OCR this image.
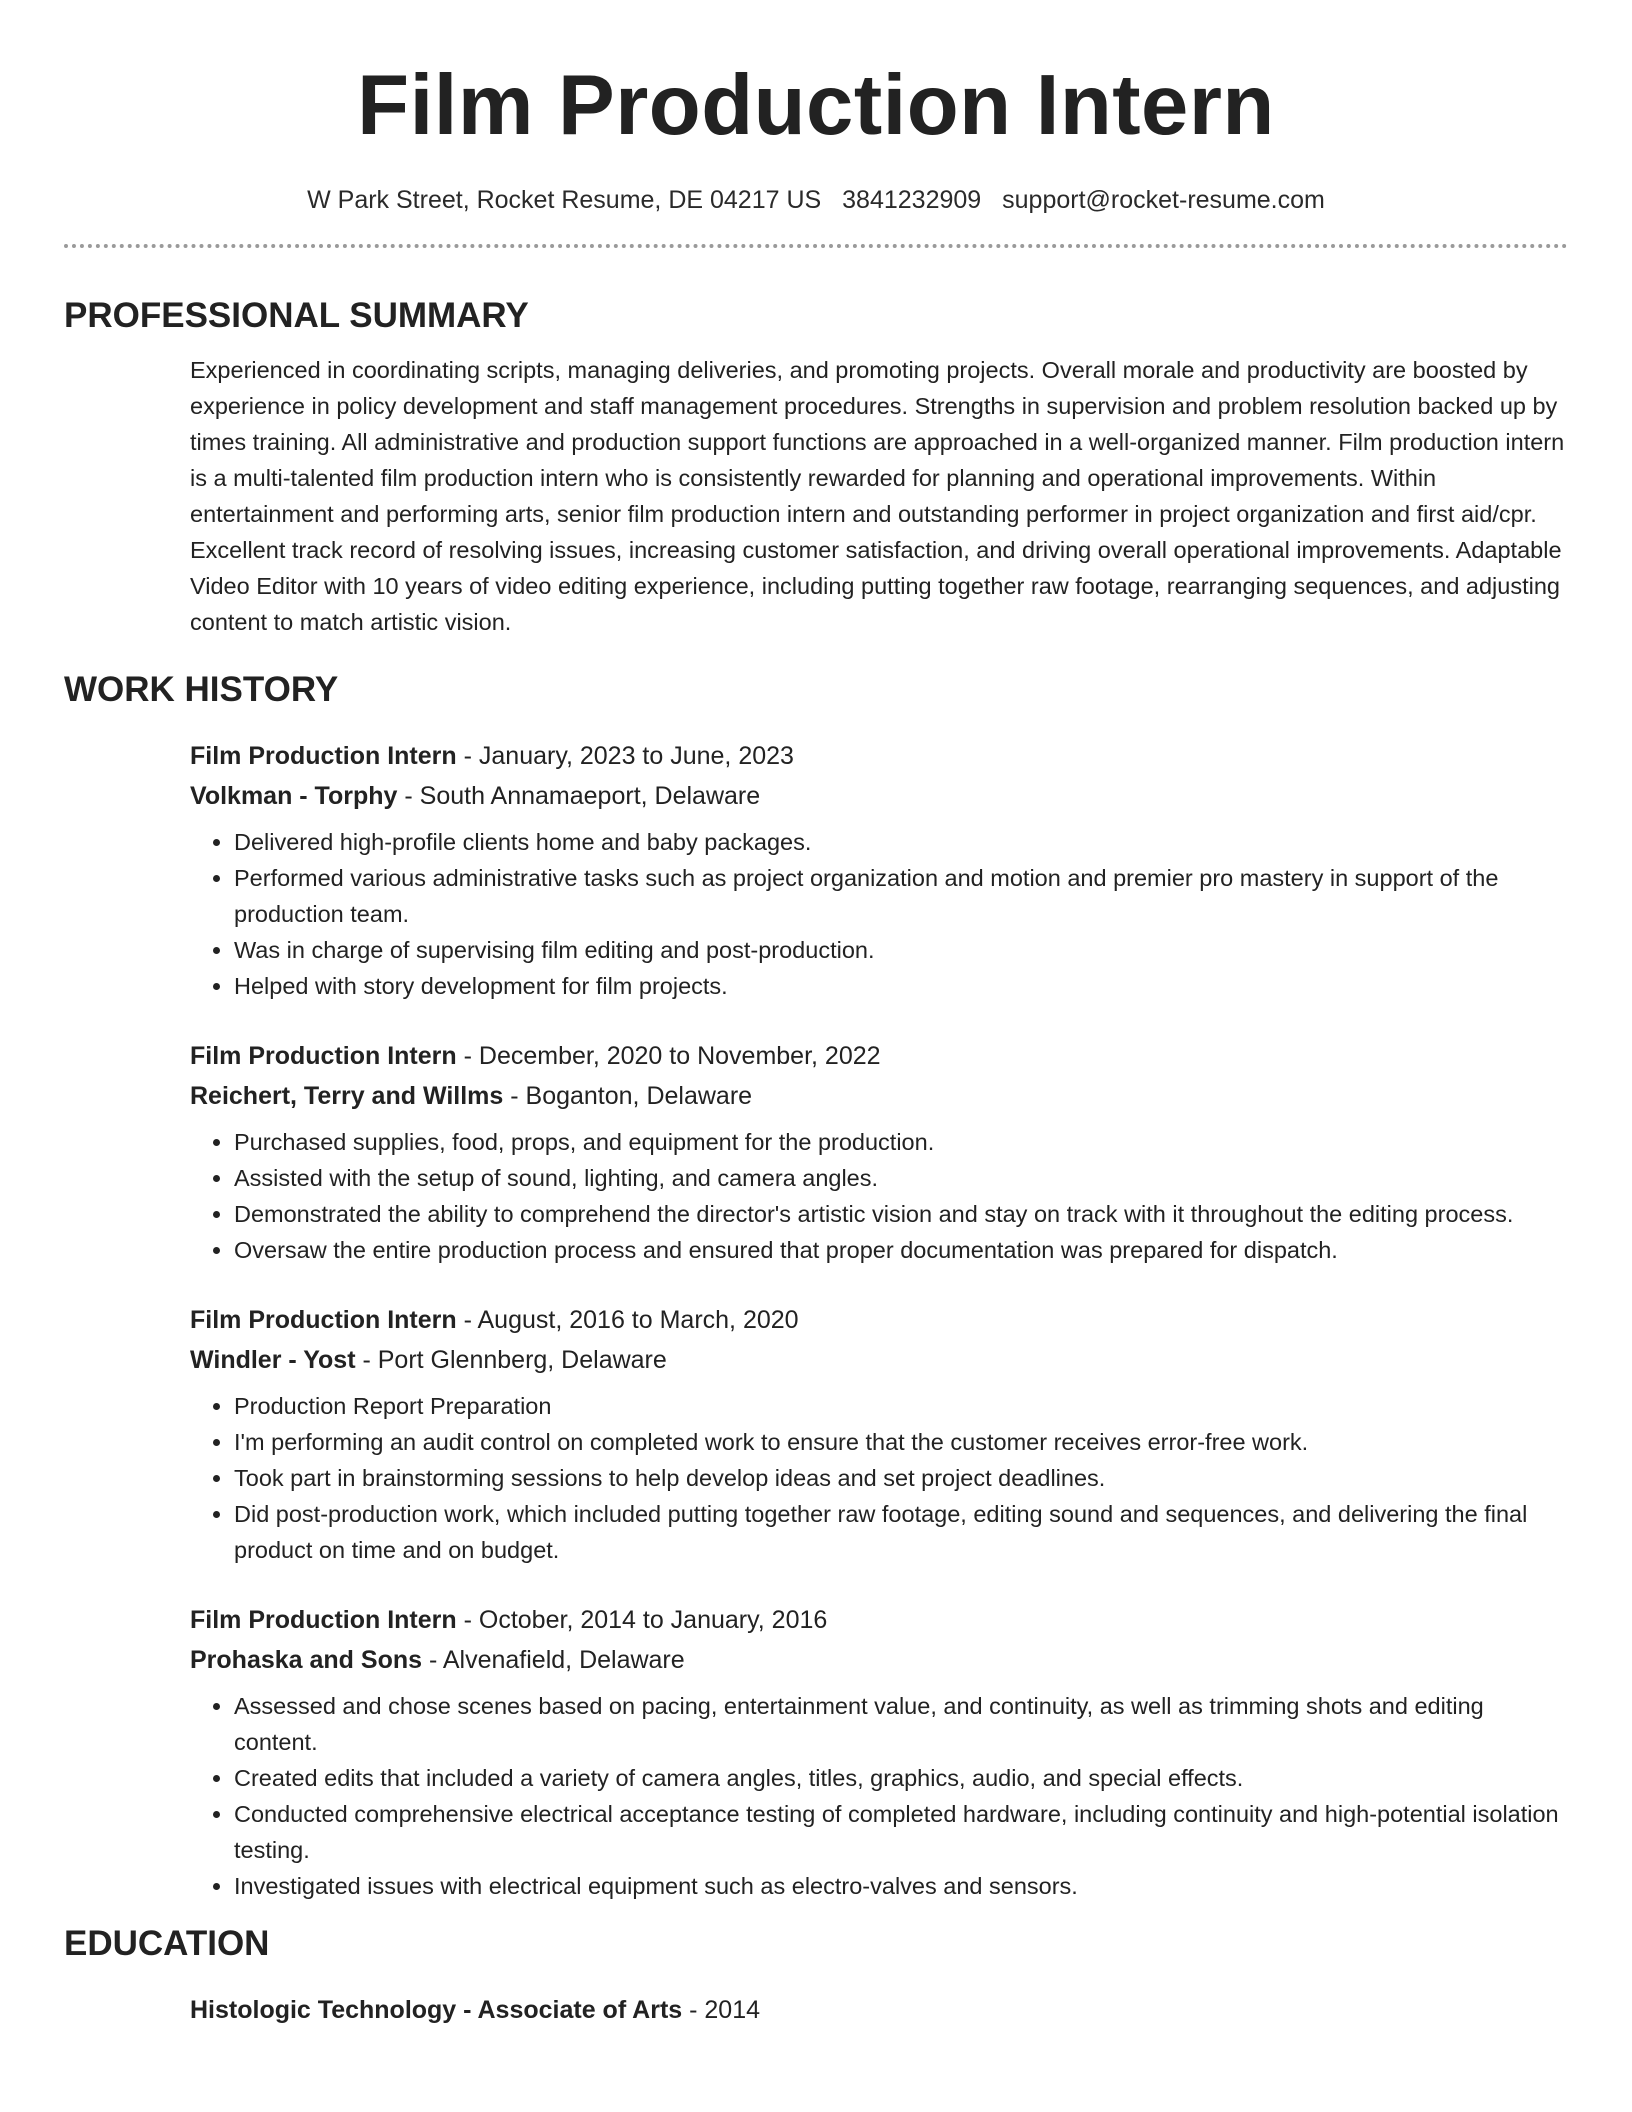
Film Production Intern
W Park Street, Rocket Resume, DE 04217 US 3841232909 support@rocket-resume.com
PROFESSIONAL SUMMARY

Experienced in coordinating scripts, managing deliveries, and promoting projects. Overall morale and productivity are boosted by experience in policy development and staff management procedures. Strengths in supervision and problem resolution backed up by times training. All administrative and production support functions are approached in a well-organized manner. Film production intern is a multi-talented film production intern who is consistently rewarded for planning and operational improvements. Within entertainment and performing arts, senior film production intern and outstanding performer in project organization and first aid/cpr. Excellent track record of resolving issues, increasing customer satisfaction, and driving overall operational improvements. Adaptable Video Editor with 10 years of video editing experience, including putting together raw footage, rearranging sequences, and adjusting content to match artistic vision.

WORK HISTORY
Film Production Intern - January, 2023 to June, 2023
Volkman - Torphy - South Annamaeport, Delaware
• Delivered high-profile clients home and baby packages.
• Performed various administrative tasks such as project organization and motion and premier pro mastery in support of the production team.
• Was in charge of supervising film editing and post-production.
• Helped with story development for film projects.
Film Production Intern - December, 2020 to November, 2022
Reichert, Terry and Willms - Boganton, Delaware
• Purchased supplies, food, props, and equipment for the production.
• Assisted with the setup of sound, lighting, and camera angles.
• Demonstrated the ability to comprehend the director's artistic vision and stay on track with it throughout the editing process.
• Oversaw the entire production process and ensured that proper documentation was prepared for dispatch.
Film Production Intern - August, 2016 to March, 2020
Windler - Yost - Port Glennberg, Delaware
• Production Report Preparation
• I'm performing an audit control on completed work to ensure that the customer receives error-free work.
• Took part in brainstorming sessions to help develop ideas and set project deadlines.
• Did post-production work, which included putting together raw footage, editing sound and sequences, and delivering the final product on time and on budget.
Film Production Intern - October, 2014 to January, 2016
Prohaska and Sons - Alvenafield, Delaware
• Assessed and chose scenes based on pacing, entertainment value, and continuity, as well as trimming shots and editing content.
• Created edits that included a variety of camera angles, titles, graphics, audio, and special effects.
• Conducted comprehensive electrical acceptance testing of completed hardware, including continuity and high-potential isolation testing.
• Investigated issues with electrical equipment such as electro-valves and sensors.
EDUCATION
Histologic Technology - Associate of Arts - 2014
